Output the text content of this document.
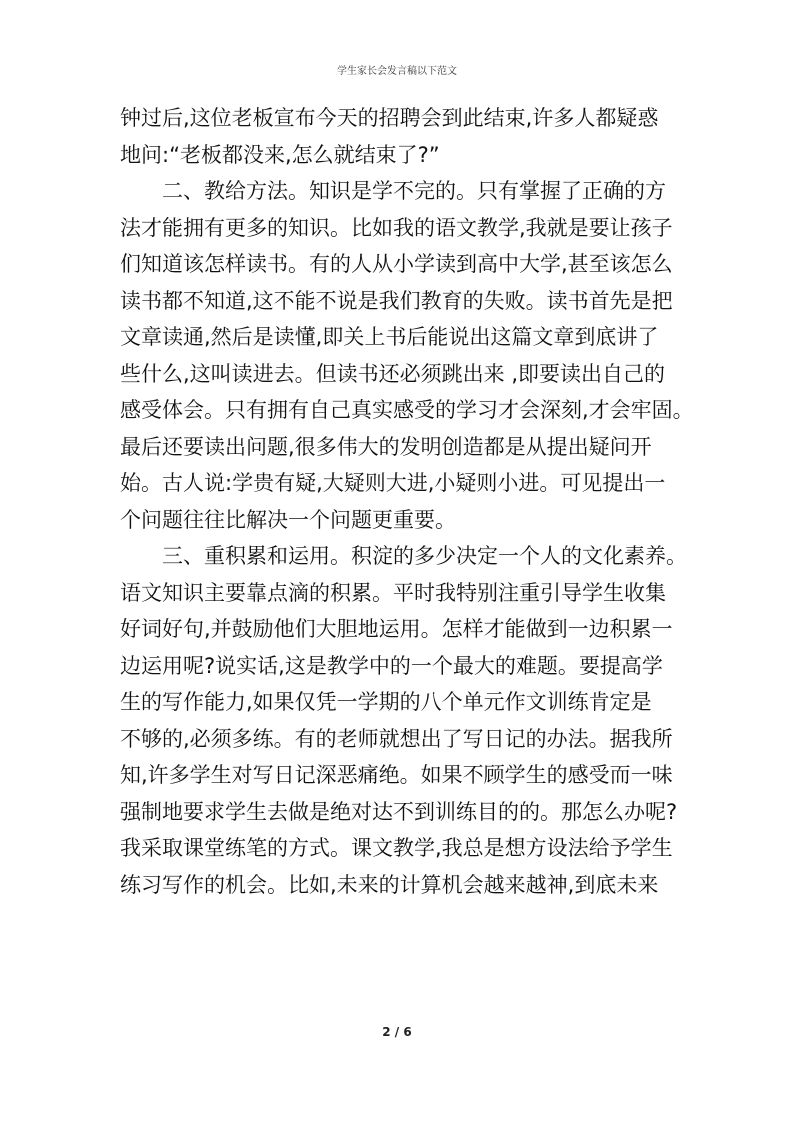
学生家长会发言稿以下范文
钟过后,这位老板宣布今天的招聘会到此结束,许多人都疑惑
地问:“老板都没来,怎么就结束了?”
二、教给方法。知识是学不完的。只有掌握了正确的方
法才能拥有更多的知识。比如我的语文教学,我就是要让孩子
们知道该怎样读书。有的人从小学读到高中大学,甚至该怎么
读书都不知道,这不能不说是我们教育的失败。读书首先是把
文章读通,然后是读懂,即关上书后能说出这篇文章到底讲了
些什么,这叫读进去。但读书还必须跳出来 ,即要读出自己的
感受体会。只有拥有自己真实感受的学习才会深刻,才会牢固。
最后还要读出问题,很多伟大的发明创造都是从提出疑问开
始。古人说:学贵有疑,大疑则大进,小疑则小进。可见提出一
个问题往往比解决一个问题更重要。
三、重积累和运用。积淀的多少决定一个人的文化素养。
语文知识主要靠点滴的积累。平时我特别注重引导学生收集
好词好句,并鼓励他们大胆地运用。怎样才能做到一边积累一
边运用呢?说实话,这是教学中的一个最大的难题。要提高学
生的写作能力,如果仅凭一学期的八个单元作文训练肯定是
不够的,必须多练。有的老师就想出了写日记的办法。据我所
知,许多学生对写日记深恶痛绝。如果不顾学生的感受而一味
强制地要求学生去做是绝对达不到训练目的的。那怎么办呢?
我采取课堂练笔的方式。课文教学,我总是想方设法给予学生
练习写作的机会。比如,未来的计算机会越来越神,到底未来
2 / 6
